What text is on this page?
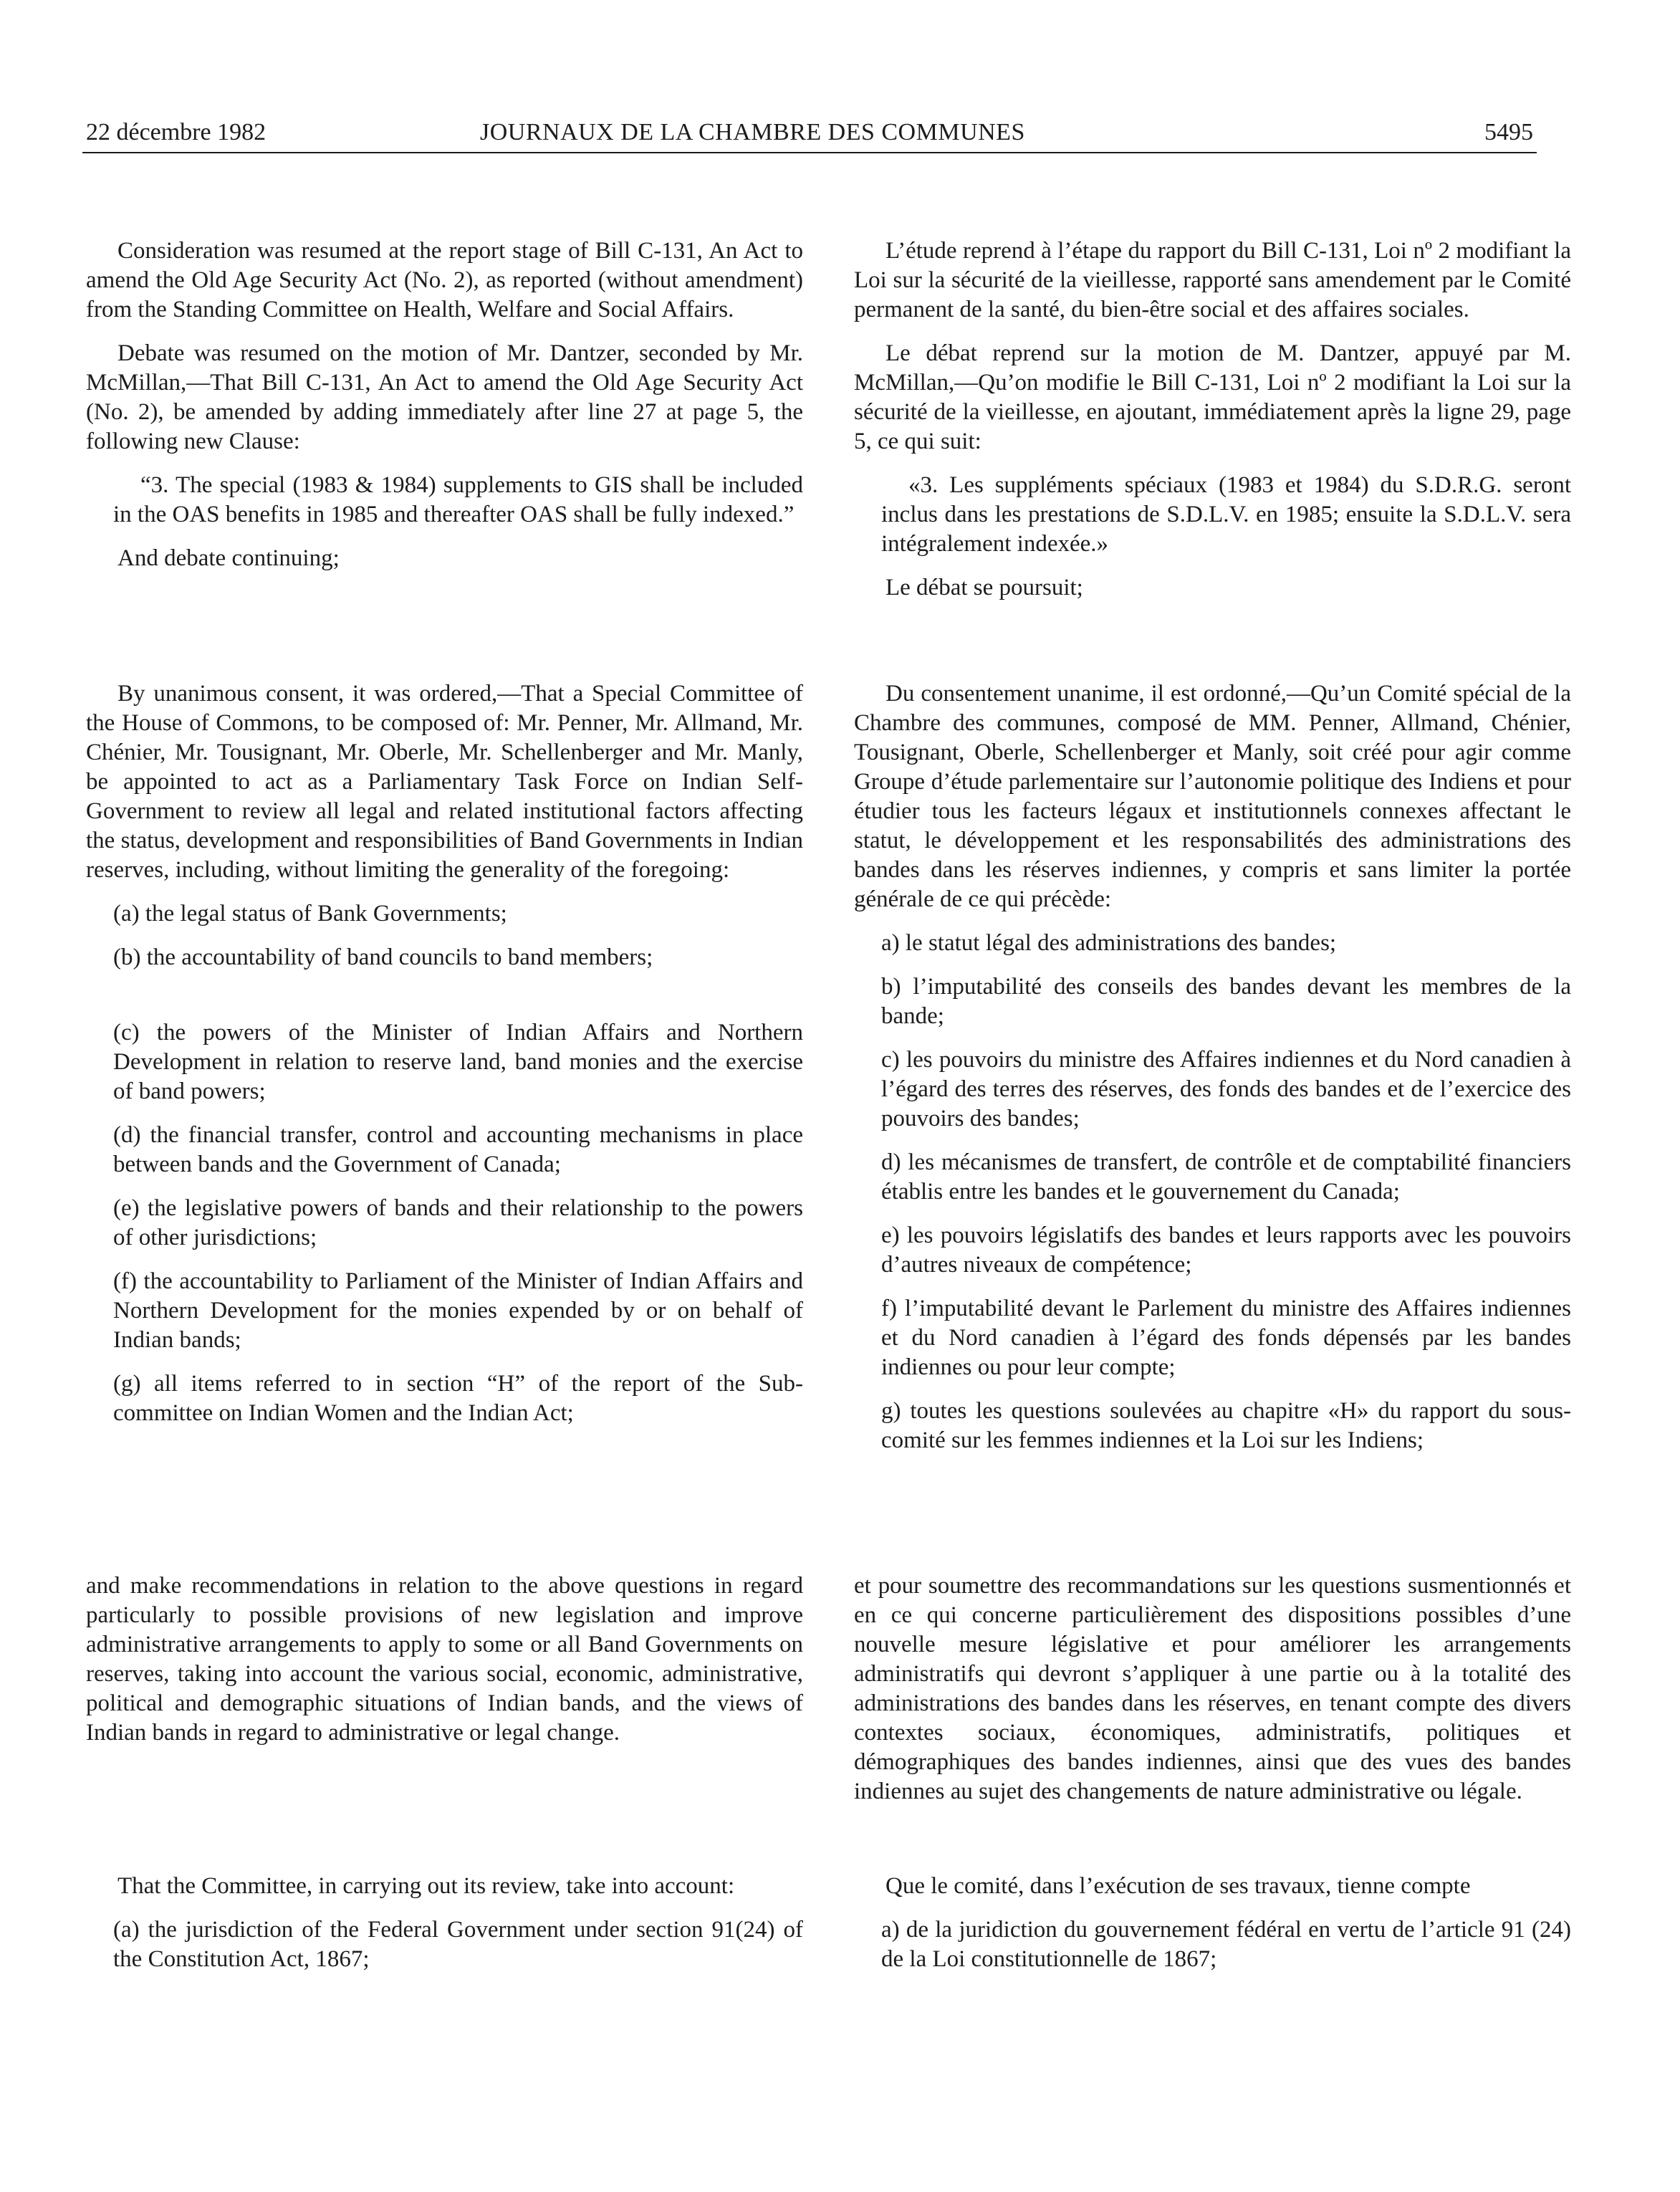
22 décembre 1982	JOURNAUX DE LA CHAMBRE DES COMMUNES	5495

Consideration was resumed at the report stage of Bill C-131, An Act to amend the Old Age Security Act (No. 2), as reported (without amendment) from the Standing Committee on Health, Welfare and Social Affairs.

Debate was resumed on the motion of Mr. Dantzer, seconded by Mr. McMillan,—That Bill C-131, An Act to amend the Old Age Security Act (No. 2), be amended by adding immediately after line 27 at page 5, the following new Clause:

“3. The special (1983 & 1984) supplements to GIS shall be included in the OAS benefits in 1985 and thereafter OAS shall be fully indexed.”

And debate continuing;

L’étude reprend à l’étape du rapport du Bill C-131, Loi nº 2 modifiant la Loi sur la sécurité de la vieillesse, rapporté sans amendement par le Comité permanent de la santé, du bien-être social et des affaires sociales.

Le débat reprend sur la motion de M. Dantzer, appuyé par M. McMillan,—Qu’on modifie le Bill C-131, Loi nº 2 modifiant la Loi sur la sécurité de la vieillesse, en ajoutant, immédiatement après la ligne 29, page 5, ce qui suit:

«3. Les suppléments spéciaux (1983 et 1984) du S.D.R.G. seront inclus dans les prestations de S.D.L.V. en 1985; ensuite la S.D.L.V. sera intégralement indexée.»

Le débat se poursuit;

By unanimous consent, it was ordered,—That a Special Committee of the House of Commons, to be composed of: Mr. Penner, Mr. Allmand, Mr. Chénier, Mr. Tousignant, Mr. Oberle, Mr. Schellenberger and Mr. Manly, be appointed to act as a Parliamentary Task Force on Indian Self-Government to review all legal and related institutional factors affecting the status, development and responsibilities of Band Governments in Indian reserves, including, without limiting the generality of the foregoing:

(a) the legal status of Bank Governments;

(b) the accountability of band councils to band members;

(c) the powers of the Minister of Indian Affairs and Northern Development in relation to reserve land, band monies and the exercise of band powers;

(d) the financial transfer, control and accounting mechanisms in place between bands and the Government of Canada;

(e) the legislative powers of bands and their relationship to the powers of other jurisdictions;

(f) the accountability to Parliament of the Minister of Indian Affairs and Northern Development for the monies expended by or on behalf of Indian bands;

(g) all items referred to in section “H” of the report of the Sub-committee on Indian Women and the Indian Act;

Du consentement unanime, il est ordonné,—Qu’un Comité spécial de la Chambre des communes, composé de MM. Penner, Allmand, Chénier, Tousignant, Oberle, Schellenberger et Manly, soit créé pour agir comme Groupe d’étude parlementaire sur l’autonomie politique des Indiens et pour étudier tous les facteurs légaux et institutionnels connexes affectant le statut, le développement et les responsabilités des administrations des bandes dans les réserves indiennes, y compris et sans limiter la portée générale de ce qui précède:

a) le statut légal des administrations des bandes;

b) l’imputabilité des conseils des bandes devant les membres de la bande;

c) les pouvoirs du ministre des Affaires indiennes et du Nord canadien à l’égard des terres des réserves, des fonds des bandes et de l’exercice des pouvoirs des bandes;

d) les mécanismes de transfert, de contrôle et de comptabilité financiers établis entre les bandes et le gouvernement du Canada;

e) les pouvoirs législatifs des bandes et leurs rapports avec les pouvoirs d’autres niveaux de compétence;

f) l’imputabilité devant le Parlement du ministre des Affaires indiennes et du Nord canadien à l’égard des fonds dépensés par les bandes indiennes ou pour leur compte;

g) toutes les questions soulevées au chapitre «H» du rapport du sous-comité sur les femmes indiennes et la Loi sur les Indiens;

and make recommendations in relation to the above questions in regard particularly to possible provisions of new legislation and improve administrative arrangements to apply to some or all Band Governments on reserves, taking into account the various social, economic, administrative, political and demographic situations of Indian bands, and the views of Indian bands in regard to administrative or legal change.

et pour soumettre des recommandations sur les questions susmentionnés et en ce qui concerne particulièrement des dispositions possibles d’une nouvelle mesure législative et pour améliorer les arrangements administratifs qui devront s’appliquer à une partie ou à la totalité des administrations des bandes dans les réserves, en tenant compte des divers contextes sociaux, économiques, administratifs, politiques et démographiques des bandes indiennes, ainsi que des vues des bandes indiennes au sujet des changements de nature administrative ou légale.

That the Committee, in carrying out its review, take into account:

(a) the jurisdiction of the Federal Government under section 91(24) of the Constitution Act, 1867;

Que le comité, dans l’exécution de ses travaux, tienne compte

a) de la juridiction du gouvernement fédéral en vertu de l’article 91 (24) de la Loi constitutionnelle de 1867;
